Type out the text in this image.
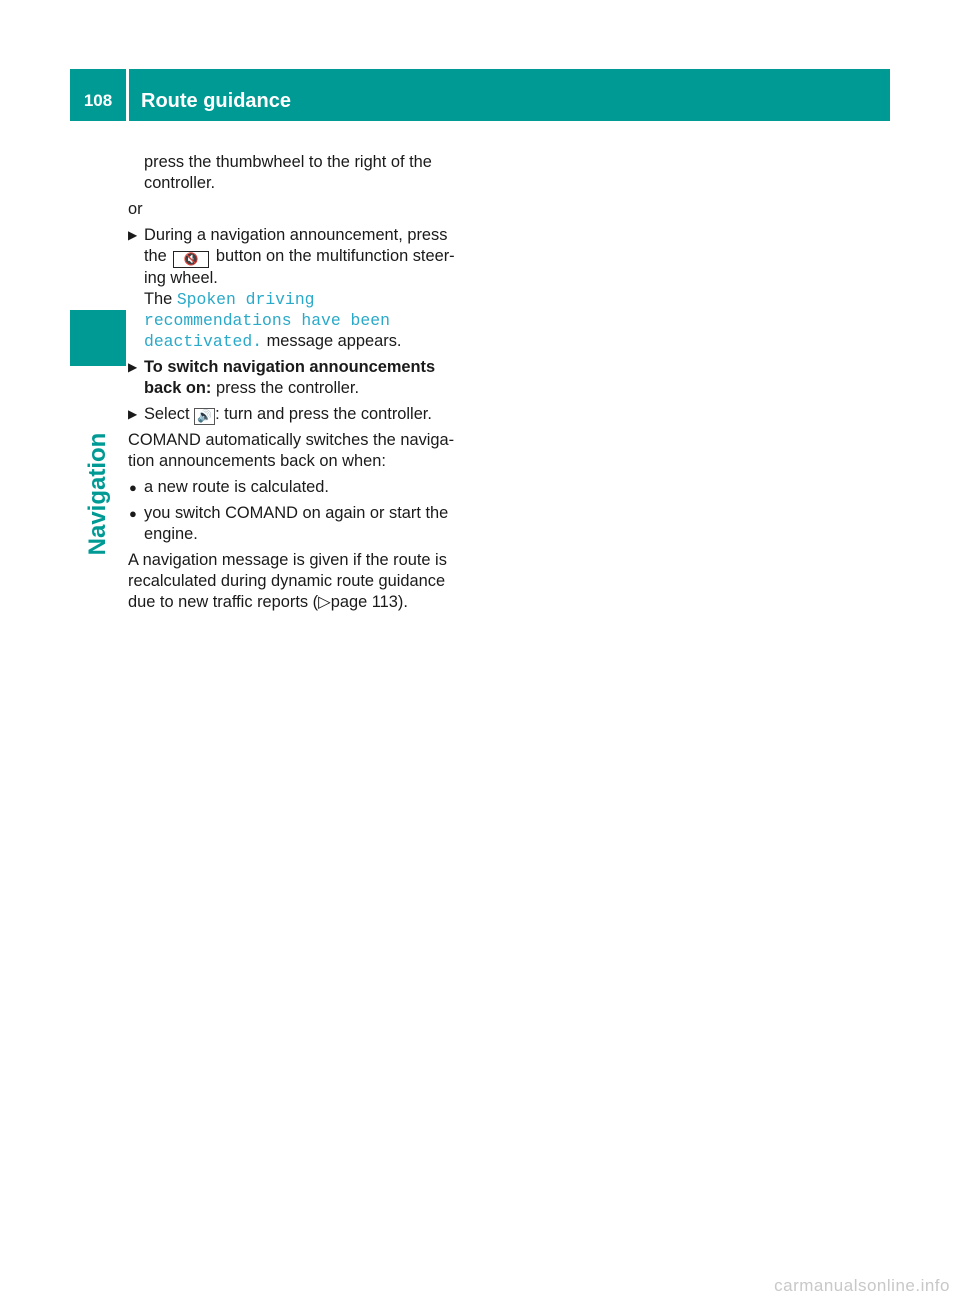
108	Route guidance
Navigation
press the thumbwheel to the right of the controller.
or
▶ During a navigation announcement, press the 🔇 button on the multifunction steer-ing wheel.
The Spoken driving recommendations have been deactivated. message appears.
▶ To switch navigation announcements back on: press the controller.
▶ Select 🔊 : turn and press the controller.
COMAND automatically switches the naviga-tion announcements back on when:
● a new route is calculated.
● you switch COMAND on again or start the engine.
A navigation message is given if the route is recalculated during dynamic route guidance due to new traffic reports (▷page 113).
carmanualsonline.info
